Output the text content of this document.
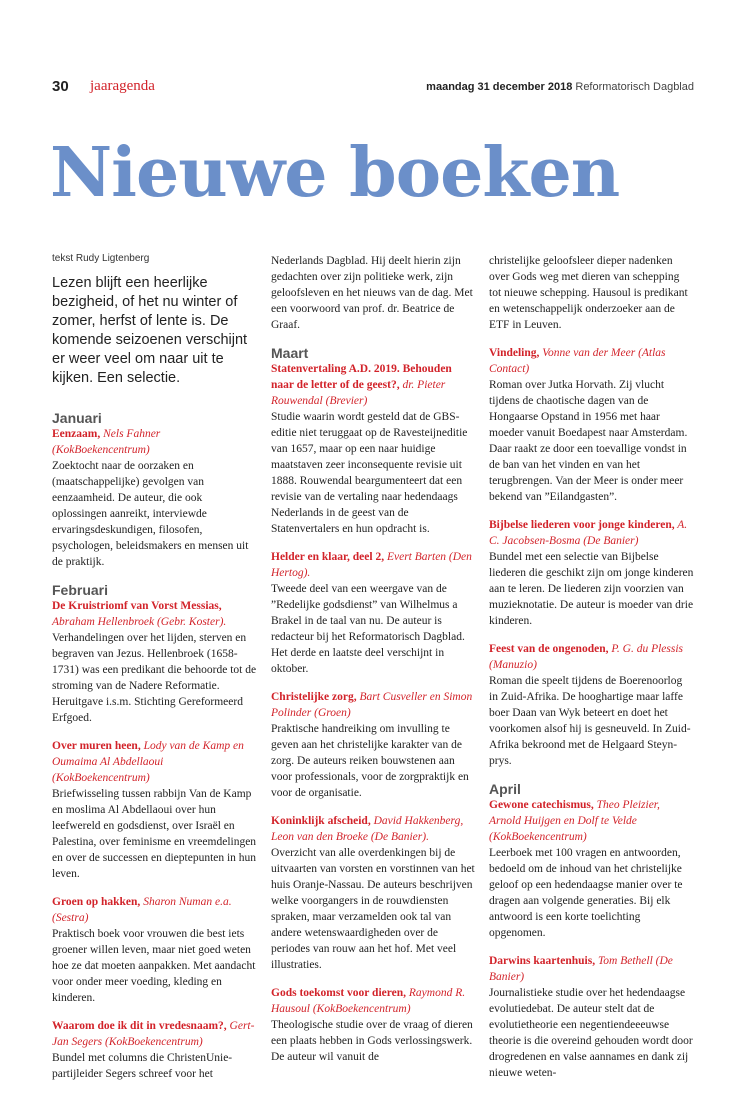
30 jaaragenda	maandag 31 december 2018 Reformatorisch Dagblad
Nieuwe boeken

tekst Rudy Ligtenberg

Lezen blijft een heerlijke bezigheid, of het nu winter of zomer, herfst of lente is. De komende seizoenen verschijnt er weer veel om naar uit te kijken. Een selectie.

Januari

Eenzaam, Nels Fahner (KokBoekencentrum)
Zoektocht naar de oorzaken en (maatschappelijke) gevolgen van eenzaamheid. De auteur, die ook oplossingen aanreikt, interviewde ervaringsdeskundigen, filosofen, psychologen, beleidsmakers en mensen uit de praktijk.

Februari

De Kruistriomf van Vorst Messias, Abraham Hellenbroek (Gebr. Koster).
Verhandelingen over het lijden, sterven en begraven van Jezus. Hellenbroek (1658-1731) was een predikant die behoorde tot de stroming van de Nadere Reformatie. Heruitgave i.s.m. Stichting Gereformeerd Erfgoed.
Over muren heen, Lody van de Kamp en Oumaima Al Abdellaoui (KokBoekencentrum)
Briefwisseling tussen rabbijn Van de Kamp en moslima Al Abdellaoui over hun leefwereld en godsdienst, over Israël en Palestina, over feminisme en vreemdelingen en over de successen en dieptepunten in hun leven.
Groen op hakken, Sharon Numan e.a. (Sestra)
Praktisch boek voor vrouwen die best iets groener willen leven, maar niet goed weten hoe ze dat moeten aanpakken. Met aandacht voor onder meer voeding, kleding en kinderen.
Waarom doe ik dit in vredesnaam?, Gert-Jan Segers (KokBoekencentrum)
Bundel met columns die ChristenUnie-partijleider Segers schreef voor het

Nederlands Dagblad. Hij deelt hierin zijn gedachten over zijn politieke werk, zijn geloofsleven en het nieuws van de dag. Met een voorwoord van prof. dr. Beatrice de Graaf.

Maart

Statenvertaling A.D. 2019. Behouden naar de letter of de geest?, dr. Pieter Rouwendal (Brevier)
Studie waarin wordt gesteld dat de GBS-editie niet teruggaat op de Ravesteijneditie van 1657, maar op een naar huidige maatstaven zeer inconsequente revisie uit 1888. Rouwendal beargumenteert dat een revisie van de vertaling naar hedendaags Nederlands in de geest van de Statenvertalers en hun opdracht is.
Helder en klaar, deel 2, Evert Barten (Den Hertog).
Tweede deel van een weergave van de ”Redelijke godsdienst” van Wilhelmus a Brakel in de taal van nu. De auteur is redacteur bij het Reformatorisch Dagblad. Het derde en laatste deel verschijnt in oktober.
Christelijke zorg, Bart Cusveller en Simon Polinder (Groen)
Praktische handreiking om invulling te geven aan het christelijke karakter van de zorg. De auteurs reiken bouwstenen aan voor professionals, voor de zorgpraktijk en voor de organisatie.
Koninklijk afscheid, David Hakkenberg, Leon van den Broeke (De Banier).
Overzicht van alle overdenkingen bij de uitvaarten van vorsten en vorstinnen van het huis Oranje-Nassau. De auteurs beschrijven welke voorgangers in de rouwdiensten spraken, maar verzamelden ook tal van andere wetenswaardigheden over de periodes van rouw aan het hof. Met veel illustraties.
Gods toekomst voor dieren, Raymond R. Hausoul (KokBoekencentrum)
Theologische studie over de vraag of dieren een plaats hebben in Gods verlossingswerk. De auteur wil vanuit de

christelijke geloofsleer dieper nadenken over Gods weg met dieren van schepping tot nieuwe schepping. Hausoul is predikant en wetenschappelijk onderzoeker aan de ETF in Leuven.

Vindeling, Vonne van der Meer (Atlas Contact)
Roman over Jutka Horvath. Zij vlucht tijdens de chaotische dagen van de Hongaarse Opstand in 1956 met haar moeder vanuit Boedapest naar Amsterdam. Daar raakt ze door een toevallige vondst in de ban van het vinden en van het terugbrengen. Van der Meer is onder meer bekend van ”Eilandgasten”.
Bijbelse liederen voor jonge kinderen, A. C. Jacobsen-Bosma (De Banier)
Bundel met een selectie van Bijbelse liederen die geschikt zijn om jonge kinderen aan te leren. De liederen zijn voorzien van muzieknotatie. De auteur is moeder van drie kinderen.
Feest van de ongenoden, P. G. du Plessis (Manuzio)
Roman die speelt tijdens de Boerenoorlog in Zuid-Afrika. De hooghartige maar laffe boer Daan van Wyk beteert en doet het voorkomen alsof hij is gesneuveld. In Zuid-Afrika bekroond met de Helgaard Steyn-prys.

April

Gewone catechismus, Theo Pleizier, Arnold Huijgen en Dolf te Velde (KokBoekencentrum)
Leerboek met 100 vragen en antwoorden, bedoeld om de inhoud van het christelijke geloof op een hedendaagse manier over te dragen aan volgende generaties. Bij elk antwoord is een korte toelichting opgenomen.
Darwins kaartenhuis, Tom Bethell (De Banier)
Journalistieke studie over het hedendaagse evolutiedebat. De auteur stelt dat de evolutietheorie een negentiendeeeuwse theorie is die overeind gehouden wordt door drogredenen en valse aannames en dank zij nieuwe weten-
